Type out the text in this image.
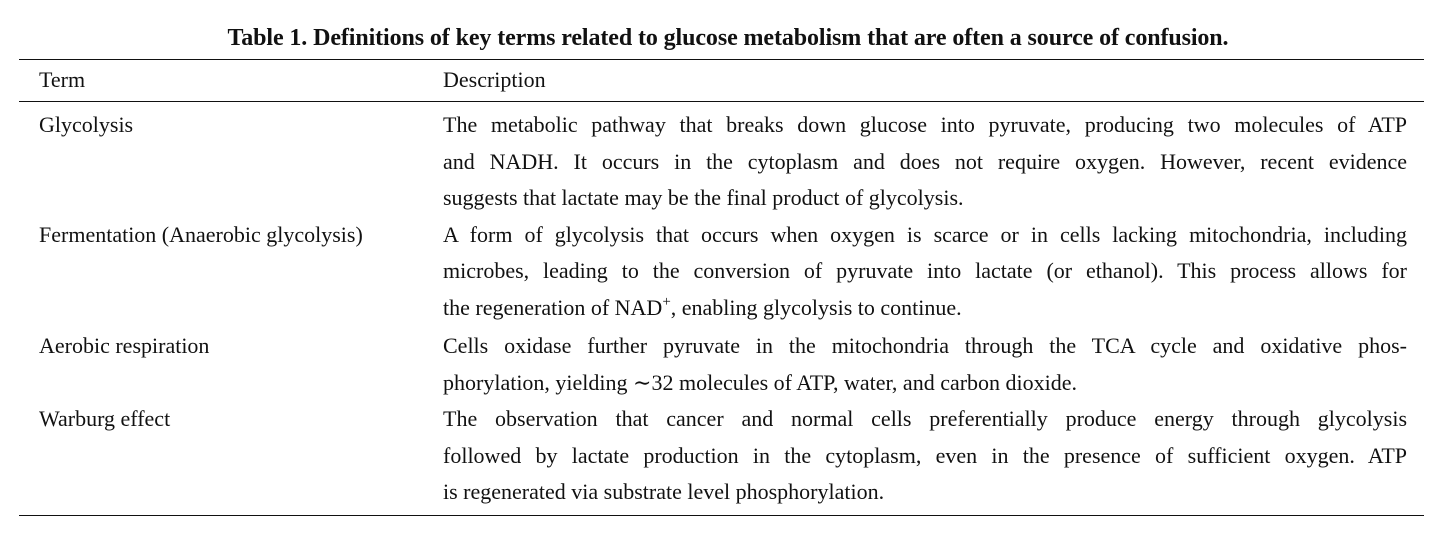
Table 1. Definitions of key terms related to glucose metabolism that are often a source of confusion.
Term	Description
Glycolysis	The metabolic pathway that breaks down glucose into pyruvate, producing two molecules of ATP
and NADH. It occurs in the cytoplasm and does not require oxygen. However, recent evidence
suggests that lactate may be the final product of glycolysis.
Fermentation (Anaerobic glycolysis)	A form of glycolysis that occurs when oxygen is scarce or in cells lacking mitochondria, including
microbes, leading to the conversion of pyruvate into lactate (or ethanol). This process allows for
the regeneration of NAD+, enabling glycolysis to continue.
Aerobic respiration	Cells oxidase further pyruvate in the mitochondria through the TCA cycle and oxidative phos-
phorylation, yielding ∼32 molecules of ATP, water, and carbon dioxide.
Warburg effect	The observation that cancer and normal cells preferentially produce energy through glycolysis
followed by lactate production in the cytoplasm, even in the presence of sufficient oxygen. ATP
is regenerated via substrate level phosphorylation.
